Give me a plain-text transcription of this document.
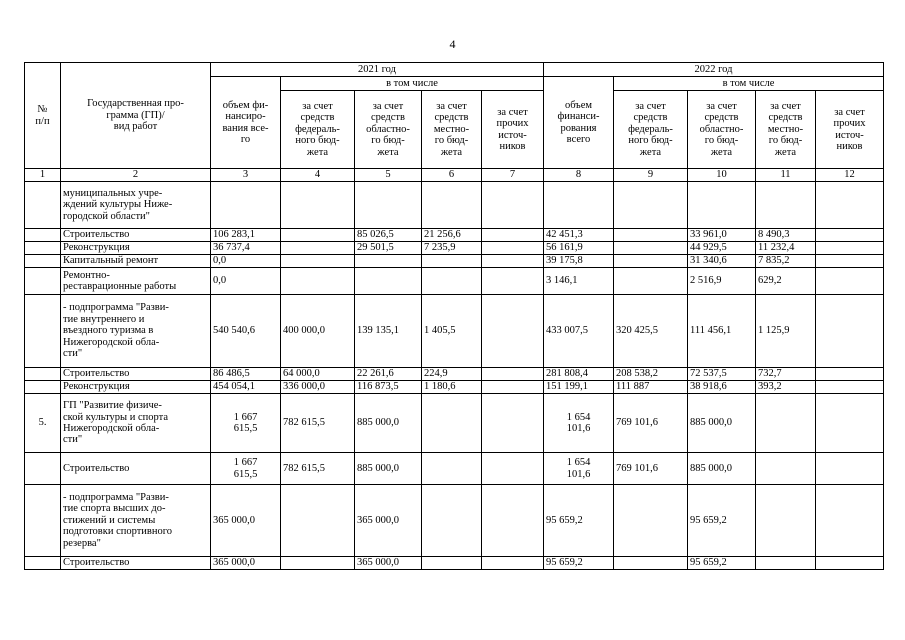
4
№
п/п	Государственная про-
грамма (ГП)/
вид работ	2021 год					2022 год				
		объем фи-
нансиро-
вания все-
го	в том числе				объем
финанси-
рования
всего	в том числе			
			за счет
средств
федераль-
ного бюд-
жета	за счет
средств
областно-
го бюд-
жета	за счет
средств
местно-
го бюд-
жета	за счет
прочих
источ-
ников		за счет
средств
федераль-
ного бюд-
жета	за счет
средств
областно-
го бюд-
жета	за счет
средств
местно-
го бюд-
жета	за счет
прочих
источ-
ников
1	2	3	4	5	6	7	8	9	10	11	12
	муниципальных учре-
ждений культуры Ниже-
городской области"										
	Строительство	106 283,1		85 026,5	21 256,6		42 451,3		33 961,0	8 490,3	
	Реконструкция	36 737,4		29 501,5	7 235,9		56 161,9		44 929,5	11 232,4	
	Капитальный ремонт	0,0					39 175,8		31 340,6	7 835,2	
	Ремонтно-
реставрационные работы	0,0					3 146,1		2 516,9	629,2	
	- подпрограмма "Разви-
тие внутреннего и
въездного туризма в
Нижегородской обла-
сти"	540 540,6	400 000,0	139 135,1	1 405,5		433 007,5	320 425,5	111 456,1	1 125,9	
	Строительство	86 486,5	64 000,0	22 261,6	224,9		281 808,4	208 538,2	72 537,5	732,7	
	Реконструкция	454 054,1	336 000,0	116 873,5	1 180,6		151 199,1	111 887	38 918,6	393,2	
5.	ГП "Развитие физиче-
ской культуры и спорта
Нижегородской обла-
сти"	1 667
615,5	782 615,5	885 000,0			1 654
101,6	769 101,6	885 000,0		
	Строительство	1 667
615,5	782 615,5	885 000,0			1 654
101,6	769 101,6	885 000,0		
	- подпрограмма "Разви-
тие спорта высших до-
стижений и системы
подготовки спортивного
резерва"	365 000,0		365 000,0			95 659,2		95 659,2		
	Строительство	365 000,0		365 000,0			95 659,2		95 659,2		
